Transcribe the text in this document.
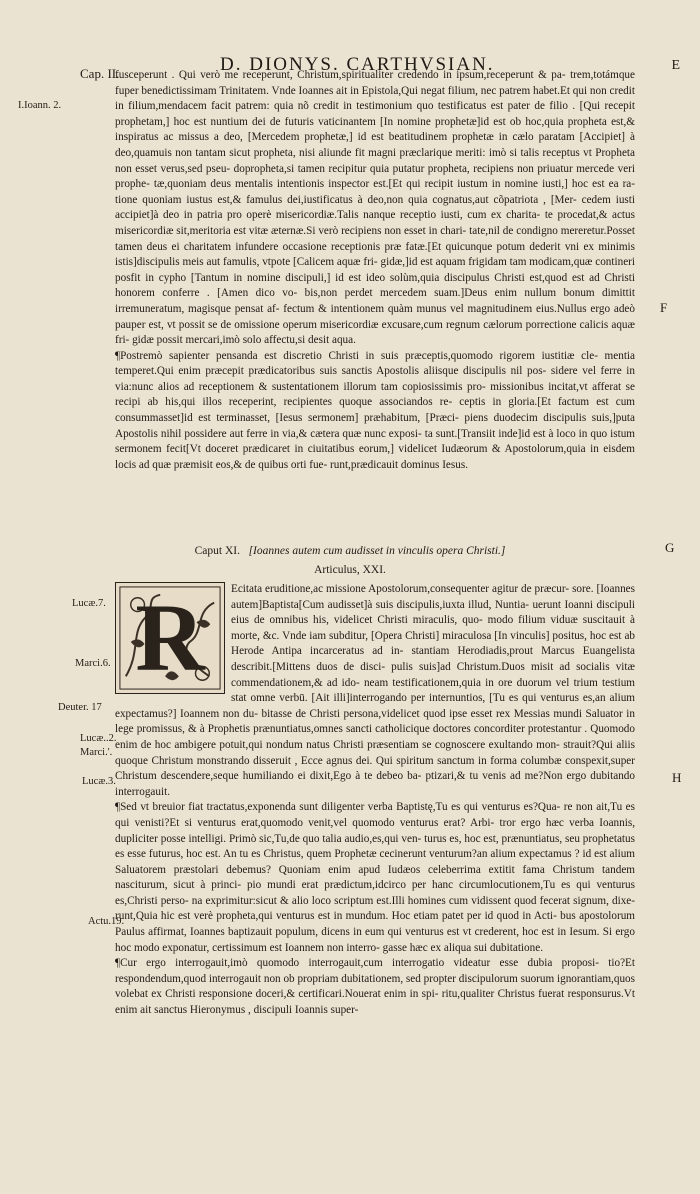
Cap. II.	D. DIONYS. CARTHVSIAN.	E
I.Ioann. 2.

fusceperunt . Qui verò me receperunt, Christum,spiritualiter credendo in ipsum,receperunt & pa- trem,totámque fuper benedictissimam Trinitatem. Vnde Ioannes ait in Epistola,Qui negat filium, nec patrem habet.Et qui non credit in filium,mendacem facit patrem: quia nõ credit in testimonium quo testificatus est pater de filio . [Qui recepit prophetam,] hoc est nuntium dei de futuris vaticinantem [In nomine prophetæ]id est ob hoc,quia propheta est,& inspiratus ac missus a deo, [Mercedem prophetæ,] id est beatitudinem prophetæ in cælo paratam [Accipiet] à deo,quamuis non tantam sicut propheta, nisi aliunde fit magni præclarique meriti: imò si talis receptus vt Propheta non esset verus,sed pseu- dopropheta,si tamen recipitur quia putatur propheta, recipiens non priuatur mercede veri prophe- tæ,quoniam deus mentalis intentionis inspector est.[Et qui recipit iustum in nomine iusti,] hoc est ea ra- tione quoniam iustus est,& famulus dei,iustificatus à deo,non quia cognatus,aut cõpatriota , [Mer- cedem iusti accipiet]à deo in patria pro operè misericordiæ.Talis nanque receptio iusti, cum ex charita- te procedat,& actus misericordiæ sit,meritoria est vitæ æternæ.Si verò recipiens non esset in chari- tate,nil de condigno mereretur.Posset tamen deus ei charitatem infundere occasione receptionis præ fatæ.[Et quicunque potum dederit vni ex minimis istis]discipulis meis aut famulis, vtpote [Calicem aquæ fri- gidæ,]id est aquam frigidam tam modicam,quæ contineri posfit in cypho [Tantum in nomine discipuli,] id est ideo solùm,quia discipulus Christi est,quod est ad Christi honorem conferre . [Amen dico vo- bis,non perdet mercedem suam.]Deus enim nullum bonum dimittit irremuneratum, magisque pensat af- fectum & intentionem quàm munus vel magnitudinem eius.Nullus ergo adeò pauper est, vt possit se de omissione operum misericordiæ excusare,cum regnum cælorum porrectione calicis aquæ fri- gidæ possit mercari,imò solo affectu,si desit aqua.

¶Postremò sapienter pensanda est discretio Christi in suis præceptis,quomodo rigorem iustitiæ cle- mentia temperet.Qui enim præcepit prædicatoribus suis sanctis Apostolis aliisque discipulis nil pos- sidere vel ferre in via:nunc alios ad receptionem & sustentationem illorum tam copiosissimis pro- missionibus incitat,vt afferat se recipi ab his,qui illos receperint, recipientes quoque associandos re- ceptis in gloria.[Et factum est cum consummasset]id est terminasset, [Iesus sermonem] præhabitum, [Præci- piens duodecim discipulis suis,]puta Apostolis nihil possidere aut ferre in via,& cætera quæ nunc exposi- ta sunt.[Transiit inde]id est à loco in quo istum sermonem fecit[Vt doceret prædicaret in ciuitatibus eorum,] videlicet Iudæorum & Apostolorum,quia in eisdem locis ad quæ præmisit eos,& de quibus orti fue- runt,prædicauit dominus Iesus.

F
Caput XI. [Ioannes autem cum audisset in vinculis opera Christi.]
Articulus, XXI.
G
Lucæ.7.
Marci.6.
Deuter. 17
Lucæ..2.
Marci.'.
Lucæ.3.
Actu.19.
H
R	Ecitata eruditione,ac missione Apostolorum,consequenter agitur de præcur- sore. [Ioannes autem]Baptista[Cum audisset]à suis discipulis,iuxta illud, Nuntia- uerunt Ioanni discipuli eius de omnibus his, videlicet Christi miraculis, quo- modo filium viduæ suscitauit à morte, &c. Vnde iam subditur, [Opera Christi] miraculosa [In vinculis] positus, hoc est ab Herode Antipa incarceratus ad in- stantiam Herodiadis,prout Marcus Euangelista describit.[Mittens duos de disci- pulis suis]ad Christum.Duos misit ad socialis vitæ commendationem,& ad ido- neam testificationem,quia in ore duorum vel trium testium stat omne verbū. [Ait illi]interrogando per internuntios, [Tu es qui venturus es,an alium expectamus?] Ioannem non du- bitasse de Christi persona,videlicet quod ipse esset rex Messias mundi Saluator in lege promissus, & à Prophetis prænuntiatus,omnes sancti catholicique doctores concorditer protestantur . Quomodo enim de hoc ambigere potuit,qui nondum natus Christi præsentiam se cognoscere exultando mon- strauit?Qui aliis quoque Christum monstrando disseruit , Ecce agnus dei. Qui spiritum sanctum in forma columbæ conspexit,super Christum descendere,seque humiliando ei dixit,Ego à te debeo ba- ptizari,& tu venis ad me?Non ergo dubitando interrogauit.

¶Sed vt breuior fiat tractatus,exponenda sunt diligenter verba Baptistę,Tu es qui venturus es?Qua- re non ait,Tu es qui venisti?Et si venturus erat,quomodo venit,vel quomodo venturus erat? Arbi- tror ergo hæc verba Ioannis, dupliciter posse intelligi. Primò sic,Tu,de quo talia audio,es,qui ven- turus es, hoc est, prænuntiatus, seu prophetatus es esse futurus, hoc est. An tu es Christus, quem Prophetæ cecinerunt venturum?an alium expectamus ? id est alium Saluatorem præstolari debemus? Quoniam enim apud Iudæos celeberrima extitit fama Christum tandem nasciturum, sicut à princi- pio mundi erat prædictum,idcirco per hanc circumlocutionem,Tu es qui venturus es,Christi perso- na exprimitur:sicut & alio loco scriptum est.Illi homines cum vidissent quod fecerat signum, dixe- runt,Quia hic est verè propheta,qui venturus est in mundum. Hoc etiam patet per id quod in Acti- bus apostolorum Paulus affirmat, Ioannes baptizauit populum, dicens in eum qui venturus est vt crederent, hoc est in Iesum. Si ergo hoc modo exponatur, certissimum est Ioannem non interro- gasse hæc ex aliqua sui dubitatione.

¶Cur ergo interrogauit,imò quomodo interrogauit,cum interrogatio videatur esse dubia proposi- tio?Et respondendum,quod interrogauit non ob propriam dubitationem, sed propter discipulorum suorum ignorantiam,quos volebat ex Christi responsione doceri,& certificari.Nouerat enim in spi- ritu,qualiter Christus fuerat responsurus.Vt enim ait sanctus Hieronymus , discipuli Ioannis super-
